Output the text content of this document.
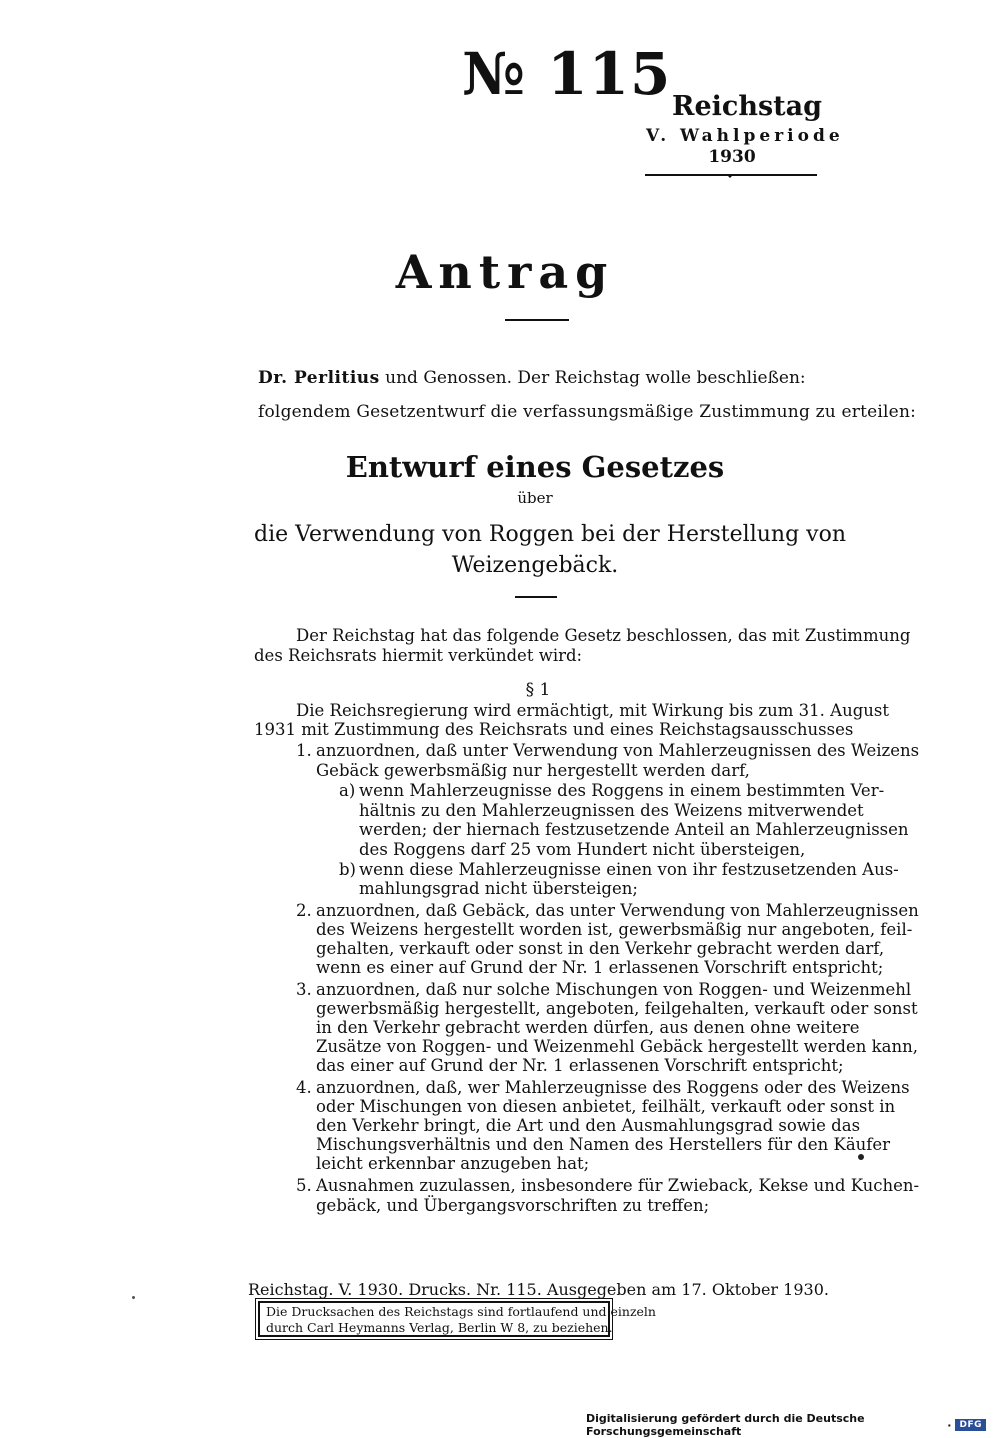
№ 115 Reichstag
V. Wahlperiode
1930
Antrag
Dr. Perlitius und Genossen. Der Reichstag wolle beschließen:
folgendem Gesetzentwurf die verfassungsmäßige Zustimmung zu erteilen:
Entwurf eines Gesetzes
über
die Verwendung von Roggen bei der Herstellung von
Weizengebäck.
Der Reichstag hat das folgende Gesetz beschlossen, das mit Zustimmung
des Reichsrats hiermit verkündet wird:
§ 1
Die Reichsregierung wird ermächtigt, mit Wirkung bis zum 31. August
1931 mit Zustimmung des Reichsrats und eines Reichstagsausschusses
1. anzuordnen, daß unter Verwendung von Mahlerzeugnissen des Weizens
Gebäck gewerbsmäßig nur hergestellt werden darf,
a) wenn Mahlerzeugnisse des Roggens in einem bestimmten Ver-
hältnis zu den Mahlerzeugnissen des Weizens mitverwendet
werden; der hiernach festzusetzende Anteil an Mahlerzeugnissen
des Roggens darf 25 vom Hundert nicht übersteigen,
b) wenn diese Mahlerzeugnisse einen von ihr festzusetzenden Aus-
mahlungsgrad nicht übersteigen;
2. anzuordnen, daß Gebäck, das unter Verwendung von Mahlerzeugnissen
des Weizens hergestellt worden ist, gewerbsmäßig nur angeboten, feil-
gehalten, verkauft oder sonst in den Verkehr gebracht werden darf,
wenn es einer auf Grund der Nr. 1 erlassenen Vorschrift entspricht;
3. anzuordnen, daß nur solche Mischungen von Roggen- und Weizenmehl
gewerbsmäßig hergestellt, angeboten, feilgehalten, verkauft oder sonst
in den Verkehr gebracht werden dürfen, aus denen ohne weitere
Zusätze von Roggen- und Weizenmehl Gebäck hergestellt werden kann,
das einer auf Grund der Nr. 1 erlassenen Vorschrift entspricht;
4. anzuordnen, daß, wer Mahlerzeugnisse des Roggens oder des Weizens
oder Mischungen von diesen anbietet, feilhält, verkauft oder sonst in
den Verkehr bringt, die Art und den Ausmahlungsgrad sowie das
Mischungsverhältnis und den Namen des Herstellers für den Käufer
leicht erkennbar anzugeben hat;
5. Ausnahmen zuzulassen, insbesondere für Zwieback, Kekse und Kuchen-
gebäck, und Übergangsvorschriften zu treffen;
Reichstag. V. 1930. Drucks. Nr. 115. Ausgegeben am 17. Oktober 1930.
Die Drucksachen des Reichstags sind fortlaufend und einzeln
durch Carl Heymanns Verlag, Berlin W 8, zu beziehen.
Digitalisierung gefördert durch die Deutsche Forschungsgemeinschaft	· DFG
